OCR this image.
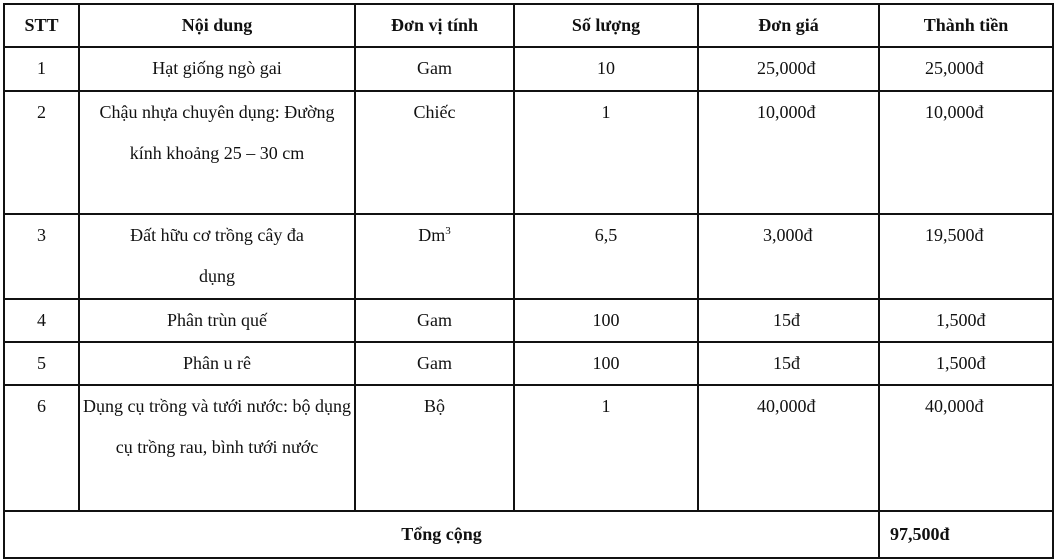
STT	Nội dung	Đơn vị tính	Số lượng	Đơn giá	Thành tiền
1	Hạt giống ngò gai	Gam	10	25,000đ	25,000đ
2	Chậu nhựa chuyên dụng: Đường kính khoảng 25 – 30 cm	Chiếc	1	10,000đ	10,000đ
3	Đất hữu cơ trồng cây đa dụng	Dm$^3$	6,5	3,000đ	19,500đ
4	Phân trùn quế	Gam	100	15đ	1,500đ
5	Phân u rê	Gam	100	15đ	1,500đ
6	Dụng cụ trồng và tưới nước: bộ dụng cụ trồng rau, bình tưới nước	Bộ	1	40,000đ	40,000đ
Tổng cộng					97,500đ
